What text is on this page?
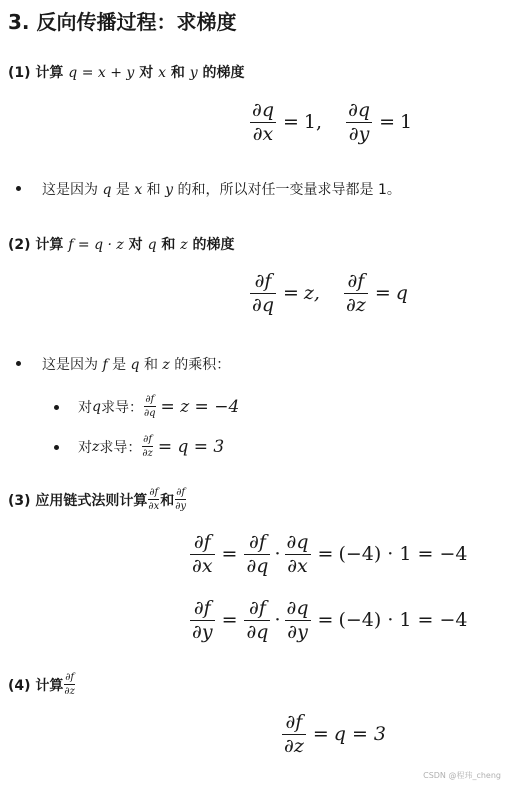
3. 反向传播过程：求梯度
(1) 计算 q = x + y 对 x 和 y 的梯度
$\frac{\partial q}{\partial x} = 1$, $\frac{\partial q}{\partial y} = 1$
这是因为 q 是 x 和 y 的和，所以对任一变量求导都是 1。
(2) 计算 f = q · z 对 q 和 z 的梯度
$\frac{\partial f}{\partial q} = z$, $\frac{\partial f}{\partial z} = q$
这是因为 f 是 q 和 z 的乘积：
对 q 求导： ∂f
∂q = z = −4
对 z 求导： ∂f
∂z = q = 3
(3) 应用链式法则计算 ∂f
∂x 和 ∂f
∂y
$\frac{\partial f}{\partial x} = \frac{\partial f}{\partial q} \cdot \frac{\partial q}{\partial x} = (-4) \cdot 1 = -4$
$\frac{\partial f}{\partial y} = \frac{\partial f}{\partial q} \cdot \frac{\partial q}{\partial y} = (-4) \cdot 1 = -4$
(4) 计算 ∂f
∂z
$\frac{\partial f}{\partial z} = q = 3$
CSDN @程玮_cheng
